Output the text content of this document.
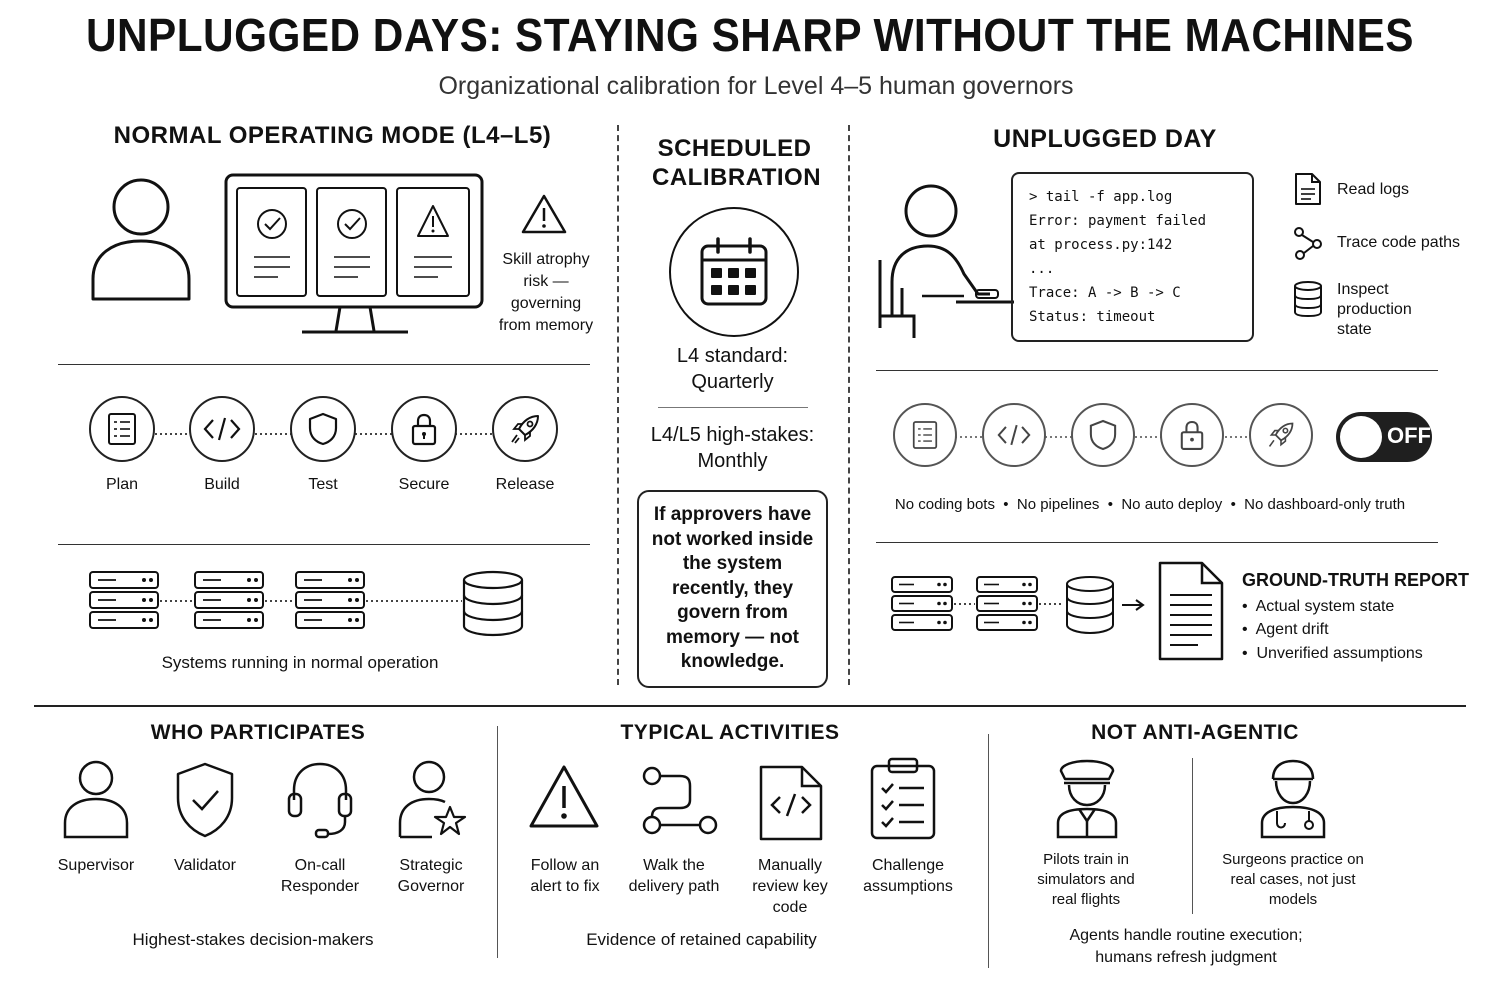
UNPLUGGED DAYS: STAYING SHARP WITHOUT THE MACHINES
Organizational calibration for Level 4–5 human governors
NORMAL OPERATING MODE (L4–L5)
Skill atrophy risk — governing from memory
Plan	Build	Test	Secure	Release
Systems running in normal operation
SCHEDULED CALIBRATION
L4 standard: Quarterly
L4/L5 high-stakes: Monthly
If approvers have not worked inside the system recently, they govern from memory — not knowledge.
UNPLUGGED DAY
> tail -f app.log
Error: payment failed
at process.py:142
...
Trace: A -> B -> C
Status: timeout
Read logs
Trace code paths
Inspect production state
OFF
No coding bots  •  No pipelines  •  No auto deploy  •  No dashboard-only truth
GROUND-TRUTH REPORT
•  Actual system state
•  Agent drift
•  Unverified assumptions
WHO PARTICIPATES
Supervisor	Validator	On-call Responder
Strategic Governor
Highest-stakes decision-makers
TYPICAL ACTIVITIES
Follow an alert to fix
Walk the delivery path
Manually review key code
Challenge assumptions
Evidence of retained capability
NOT ANTI-AGENTIC
Pilots train in simulators and real flights
Surgeons practice on real cases, not just models
Agents handle routine execution; humans refresh judgment
